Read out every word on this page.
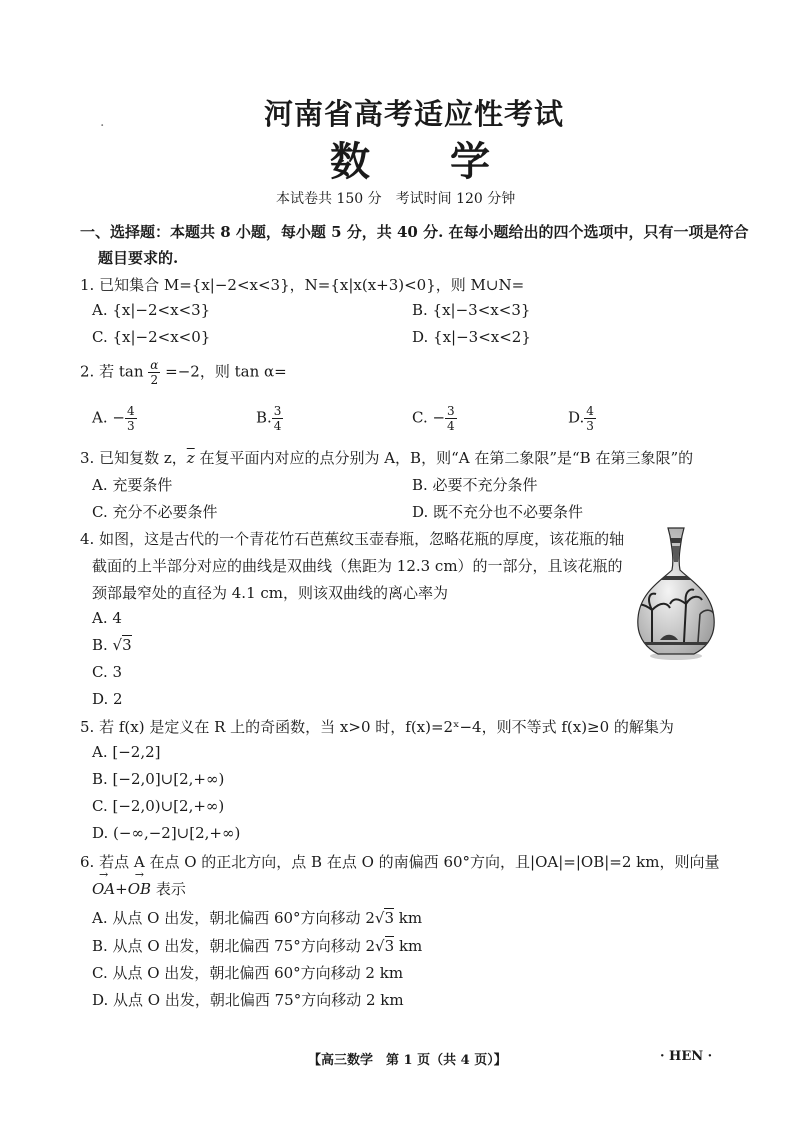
·	河南省高考适应性考试
数　　学
本试卷共 150 分　考试时间 120 分钟
一、选择题：本题共 8 小题，每小题 5 分，共 40 分. 在每小题给出的四个选项中，只有一项是符合
题目要求的.
1. 已知集合 M={x|−2<x<3}，N={x|x(x+3)<0}，则 M∪N=
A. {x|−2<x<3}	B. {x|−3<x<3}
C. {x|−2<x<0}	D. {x|−3<x<2}
2. 若 $\tan \frac{\alpha}{2} =-2$，则 tan α=
A. − $\frac{4}{3}$	B. $\frac{3}{4}$	C. − $\frac{3}{4}$	D. $\frac{4}{3}$
3. 已知复数 z，$\overline{z}$ 在复平面内对应的点分别为 A，B，则“A 在第二象限”是“B 在第三象限”的
A. 充要条件	B. 必要不充分条件
C. 充分不必要条件	D. 既不充分也不必要条件
4. 如图，这是古代的一个青花竹石芭蕉纹玉壶春瓶，忽略花瓶的厚度，该花瓶的轴
截面的上半部分对应的曲线是双曲线（焦距为 12.3 cm）的一部分，且该花瓶的
颈部最窄处的直径为 4.1 cm，则该双曲线的离心率为
A. 4
B. √3
C. 3
D. 2
5. 若 f(x) 是定义在 R 上的奇函数，当 x>0 时，f(x)=2ˣ−4，则不等式 f(x)≥0 的解集为
A. [−2,2]
B. [−2,0]∪[2,+∞)
C. [−2,0)∪[2,+∞)
D. (−∞,−2]∪[2,+∞)
6. 若点 A 在点 O 的正北方向，点 B 在点 O 的南偏西 60°方向，且|OA|=|OB|=2 km，则向量
→ OA+→ OB 表示
A. 从点 O 出发，朝北偏西 60°方向移动 2√3 km
B. 从点 O 出发，朝北偏西 75°方向移动 2√3 km
C. 从点 O 出发，朝北偏西 60°方向移动 2 km
D. 从点 O 出发，朝北偏西 75°方向移动 2 km
【高三数学　第 1 页（共 4 页）】	· HEN ·
